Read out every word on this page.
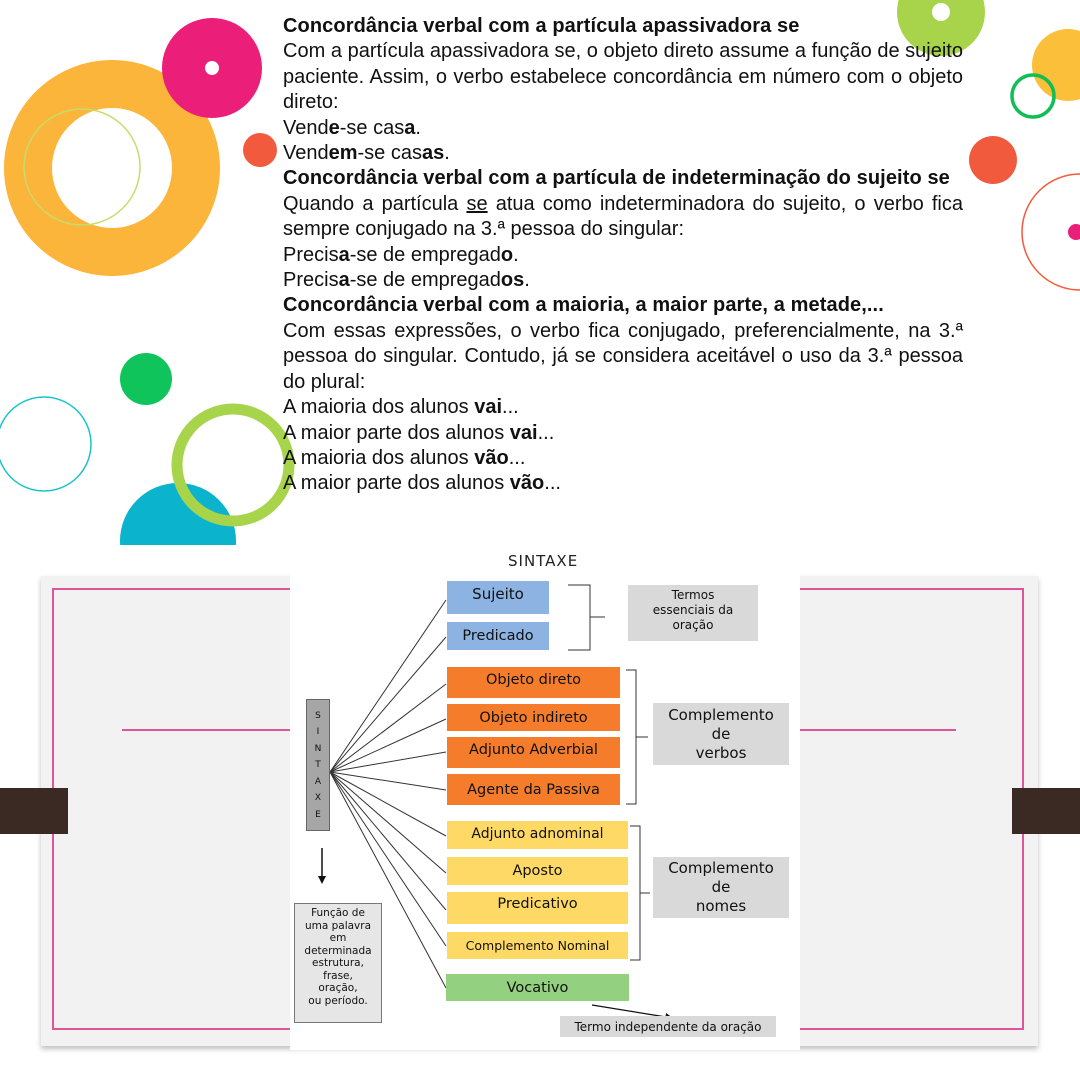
Concordância verbal com a partícula apassivadora se

Com a partícula apassivadora se, o objeto direto assume a função de sujeito paciente. Assim, o verbo estabelece concordância em número com o objeto direto:

Vende-se casa.
Vendem-se casas.
Concordância verbal com a partícula de indeterminação do sujeito se

Quando a partícula se atua como indeterminadora do sujeito, o verbo fica sempre conjugado na 3.ª pessoa do singular:

Precisa-se de empregado.
Precisa-se de empregados.
Concordância verbal com a maioria, a maior parte, a metade,...

Com essas expressões, o verbo fica conjugado, preferencialmente, na 3.ª pessoa do singular. Contudo, já se considera aceitável o uso da 3.ª pessoa do plural:

A maioria dos alunos vai...
A maior parte dos alunos vai...
A maioria dos alunos vão...
A maior parte dos alunos vão...
SINTAXE
S
I
N
T
A
X
E
Função de
uma palavra
em
determinada
estrutura,
frase,
oração,
ou período.
Sujeito
Predicado
Termos
essenciais da
oração
Objeto direto
Objeto indireto
Adjunto Adverbial
Agente da Passiva
Complemento
de
verbos
Adjunto adnominal
Aposto
Predicativo
Complemento Nominal
Complemento
de
nomes
Vocativo
Termo independente da oração
